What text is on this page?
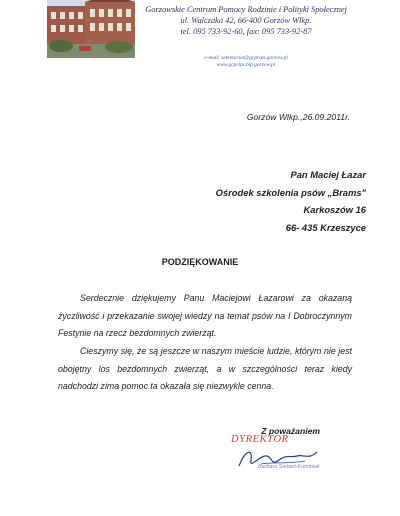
Gorzowskie Centrum Pomocy Rodzinie i Polityki Społecznej
ul. Walczaka 42, 66-400 Gorzów Wlkp.
tel. 095 733-92-60, fax: 095 733-92-87
e-mail: sekretariat@gcprips.gorzow.pl
www.gcprips.bip.gorzow.pl
Gorzów Wlkp.,26.09.2011r.
Pan Maciej Łazar
Ośrodek szkolenia psów „Brams"
Karkoszów 16
66- 435 Krzeszyce
PODZIĘKOWANIE

Serdecznie dziękujemy Panu Maciejowi Łazarowi za okazaną życzliwość i przekazanie swojej wiedzy na temat psów na I Dobroczynnym Festynie na rzecz bezdomnych zwierząt.

Cieszymy się, że są jeszcze w naszym mieście ludzie, którym nie jest obojętny los bezdomnych zwierząt, a w szczególności teraz kiedy nadchodzi zima pomoc ta okazała się niezwykle cenna.

Z poważaniem
DYREKTOR
Barbara Siebert-Kominiak
